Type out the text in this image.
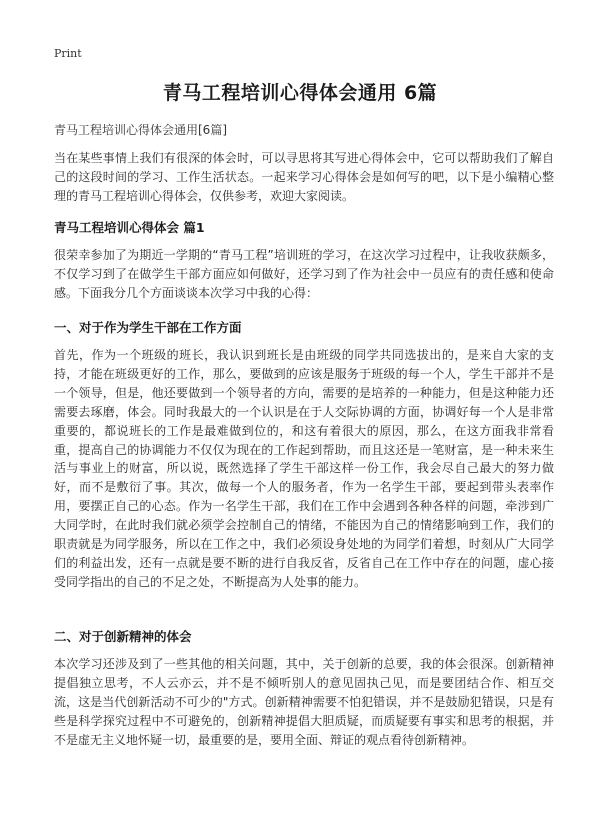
Print
青马工程培训心得体会通用 6篇
青马工程培训心得体会通用[6篇]

当在某些事情上我们有很深的体会时，可以寻思将其写进心得体会中，它可以帮助我们了解自己的这段时间的学习、工作生活状态。一起来学习心得体会是如何写的吧，以下是小编精心整理的青马工程培训心得体会，仅供参考，欢迎大家阅读。

青马工程培训心得体会 篇1

很荣幸参加了为期近一学期的“青马工程”培训班的学习，在这次学习过程中，让我收获颇多，不仅学习到了在做学生干部方面应如何做好，还学习到了作为社会中一员应有的责任感和使命感。下面我分几个方面谈谈本次学习中我的心得：

一、对于作为学生干部在工作方面

首先，作为一个班级的班长，我认识到班长是由班级的同学共同选拔出的，是来自大家的支持，才能在班级更好的工作，那么，要做到的应该是服务于班级的每一个人，学生干部并不是一个领导，但是，他还要做到一个领导者的方向，需要的是培养的一种能力，但是这种能力还需要去琢磨，体会。同时我最大的一个认识是在于人交际协调的方面，协调好每一个人是非常重要的，都说班长的工作是最难做到位的，和这有着很大的原因，那么，在这方面我非常看重，提高自己的协调能力不仅仅为现在的工作起到帮助，而且这还是一笔财富，是一种未来生活与事业上的财富，所以说，既然选择了学生干部这样一份工作，我会尽自己最大的努力做好，而不是敷衍了事。其次，做每一个人的服务者，作为一名学生干部，要起到带头表率作用，要摆正自己的心态。作为一名学生干部，我们在工作中会遇到各种各样的问题，牵涉到广大同学时，在此时我们就必须学会控制自己的情绪，不能因为自己的情绪影响到工作，我们的职责就是为同学服务，所以在工作之中，我们必须设身处地的为同学们着想，时刻从广大同学们的利益出发，还有一点就是要不断的进行自我反省，反省自己在工作中存在的问题，虚心接受同学指出的自己的不足之处，不断提高为人处事的能力。

二、对于创新精神的体会

本次学习还涉及到了一些其他的相关问题，其中，关于创新的总要，我的体会很深。创新精神提倡独立思考，不人云亦云，并不是不倾听别人的意见固执己见，而是要团结合作、相互交流，这是当代创新活动不可少的"方式。创新精神需要不怕犯错误，并不是鼓励犯错误，只是有些是科学探究过程中不可避免的，创新精神提倡大胆质疑，而质疑要有事实和思考的根据，并不是虚无主义地怀疑一切，最重要的是，要用全面、辩证的观点看待创新精神。
